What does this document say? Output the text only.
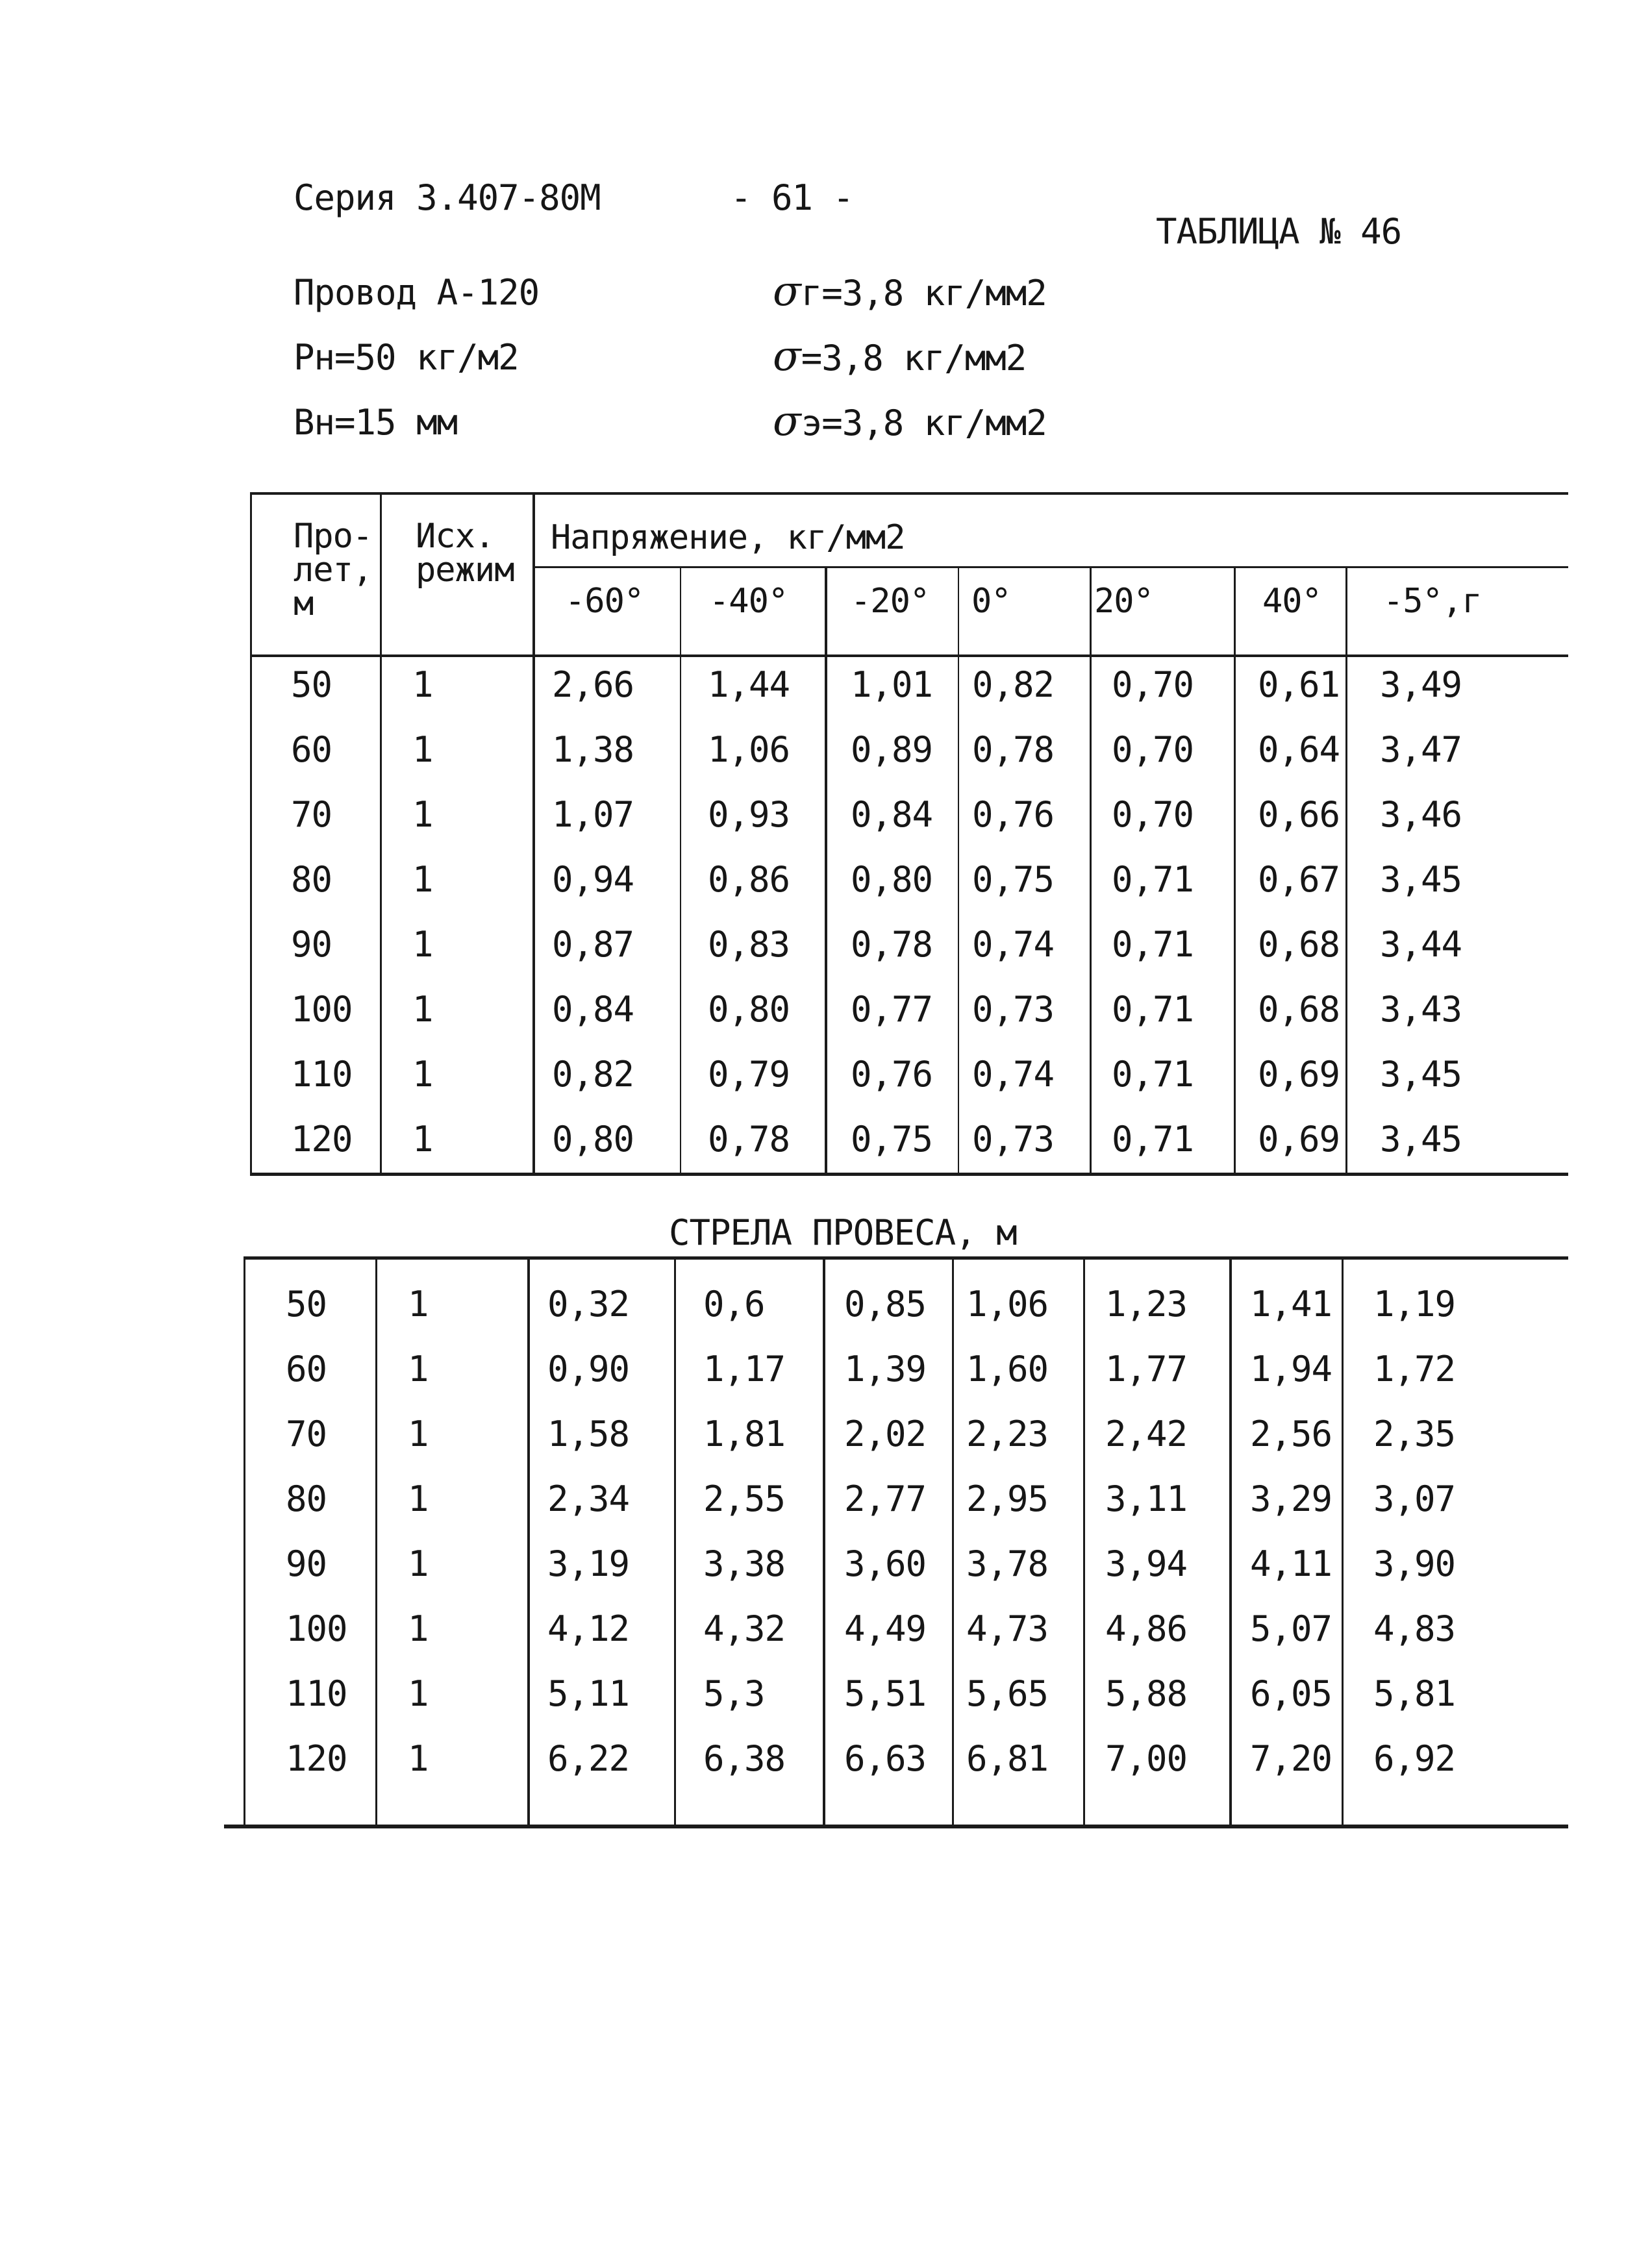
Серия 3.407-80М	- 61 -
ТАБЛИЦА № 46
Провод А-120
Рн=50 кг/м2
Вн=15 мм
σг=3,8 кг/мм2
σ=3,8 кг/мм2
σэ=3,8 кг/мм2
Про-
лет,
м
Исх.
режим
Напряжение, кг/мм2
-60° -40° -20° 0° 20°	40° -5°,г
50 1	2,66 1,44 1,01 0,82 0,70 0,61 3,49
60 1	1,38 1,06 0,89 0,78 0,70 0,64 3,47
70 1	1,07 0,93 0,84 0,76 0,70 0,66 3,46
80 1	0,94 0,86 0,80 0,75 0,71 0,67 3,45
90 1	0,87 0,83 0,78 0,74 0,71 0,68 3,44
100 1	0,84 0,80 0,77 0,73 0,71 0,68 3,43
110 1	0,82 0,79 0,76 0,74 0,71 0,69 3,45
120 1	0,80 0,78 0,75 0,73 0,71 0,69 3,45
СТРЕЛА ПРОВЕСА, м
50 1	0,32 0,6 0,85 1,06 1,23 1,41 1,19
60 1	0,90 1,17 1,39 1,60 1,77 1,94 1,72
70 1	1,58 1,81 2,02 2,23 2,42 2,56 2,35
80 1	2,34 2,55 2,77 2,95 3,11 3,29 3,07
90 1	3,19 3,38 3,60 3,78 3,94 4,11 3,90
100 1	4,12 4,32 4,49 4,73 4,86 5,07 4,83
110 1	5,11 5,3 5,51 5,65 5,88 6,05 5,81
120 1	6,22 6,38 6,63 6,81 7,00 7,20 6,92
